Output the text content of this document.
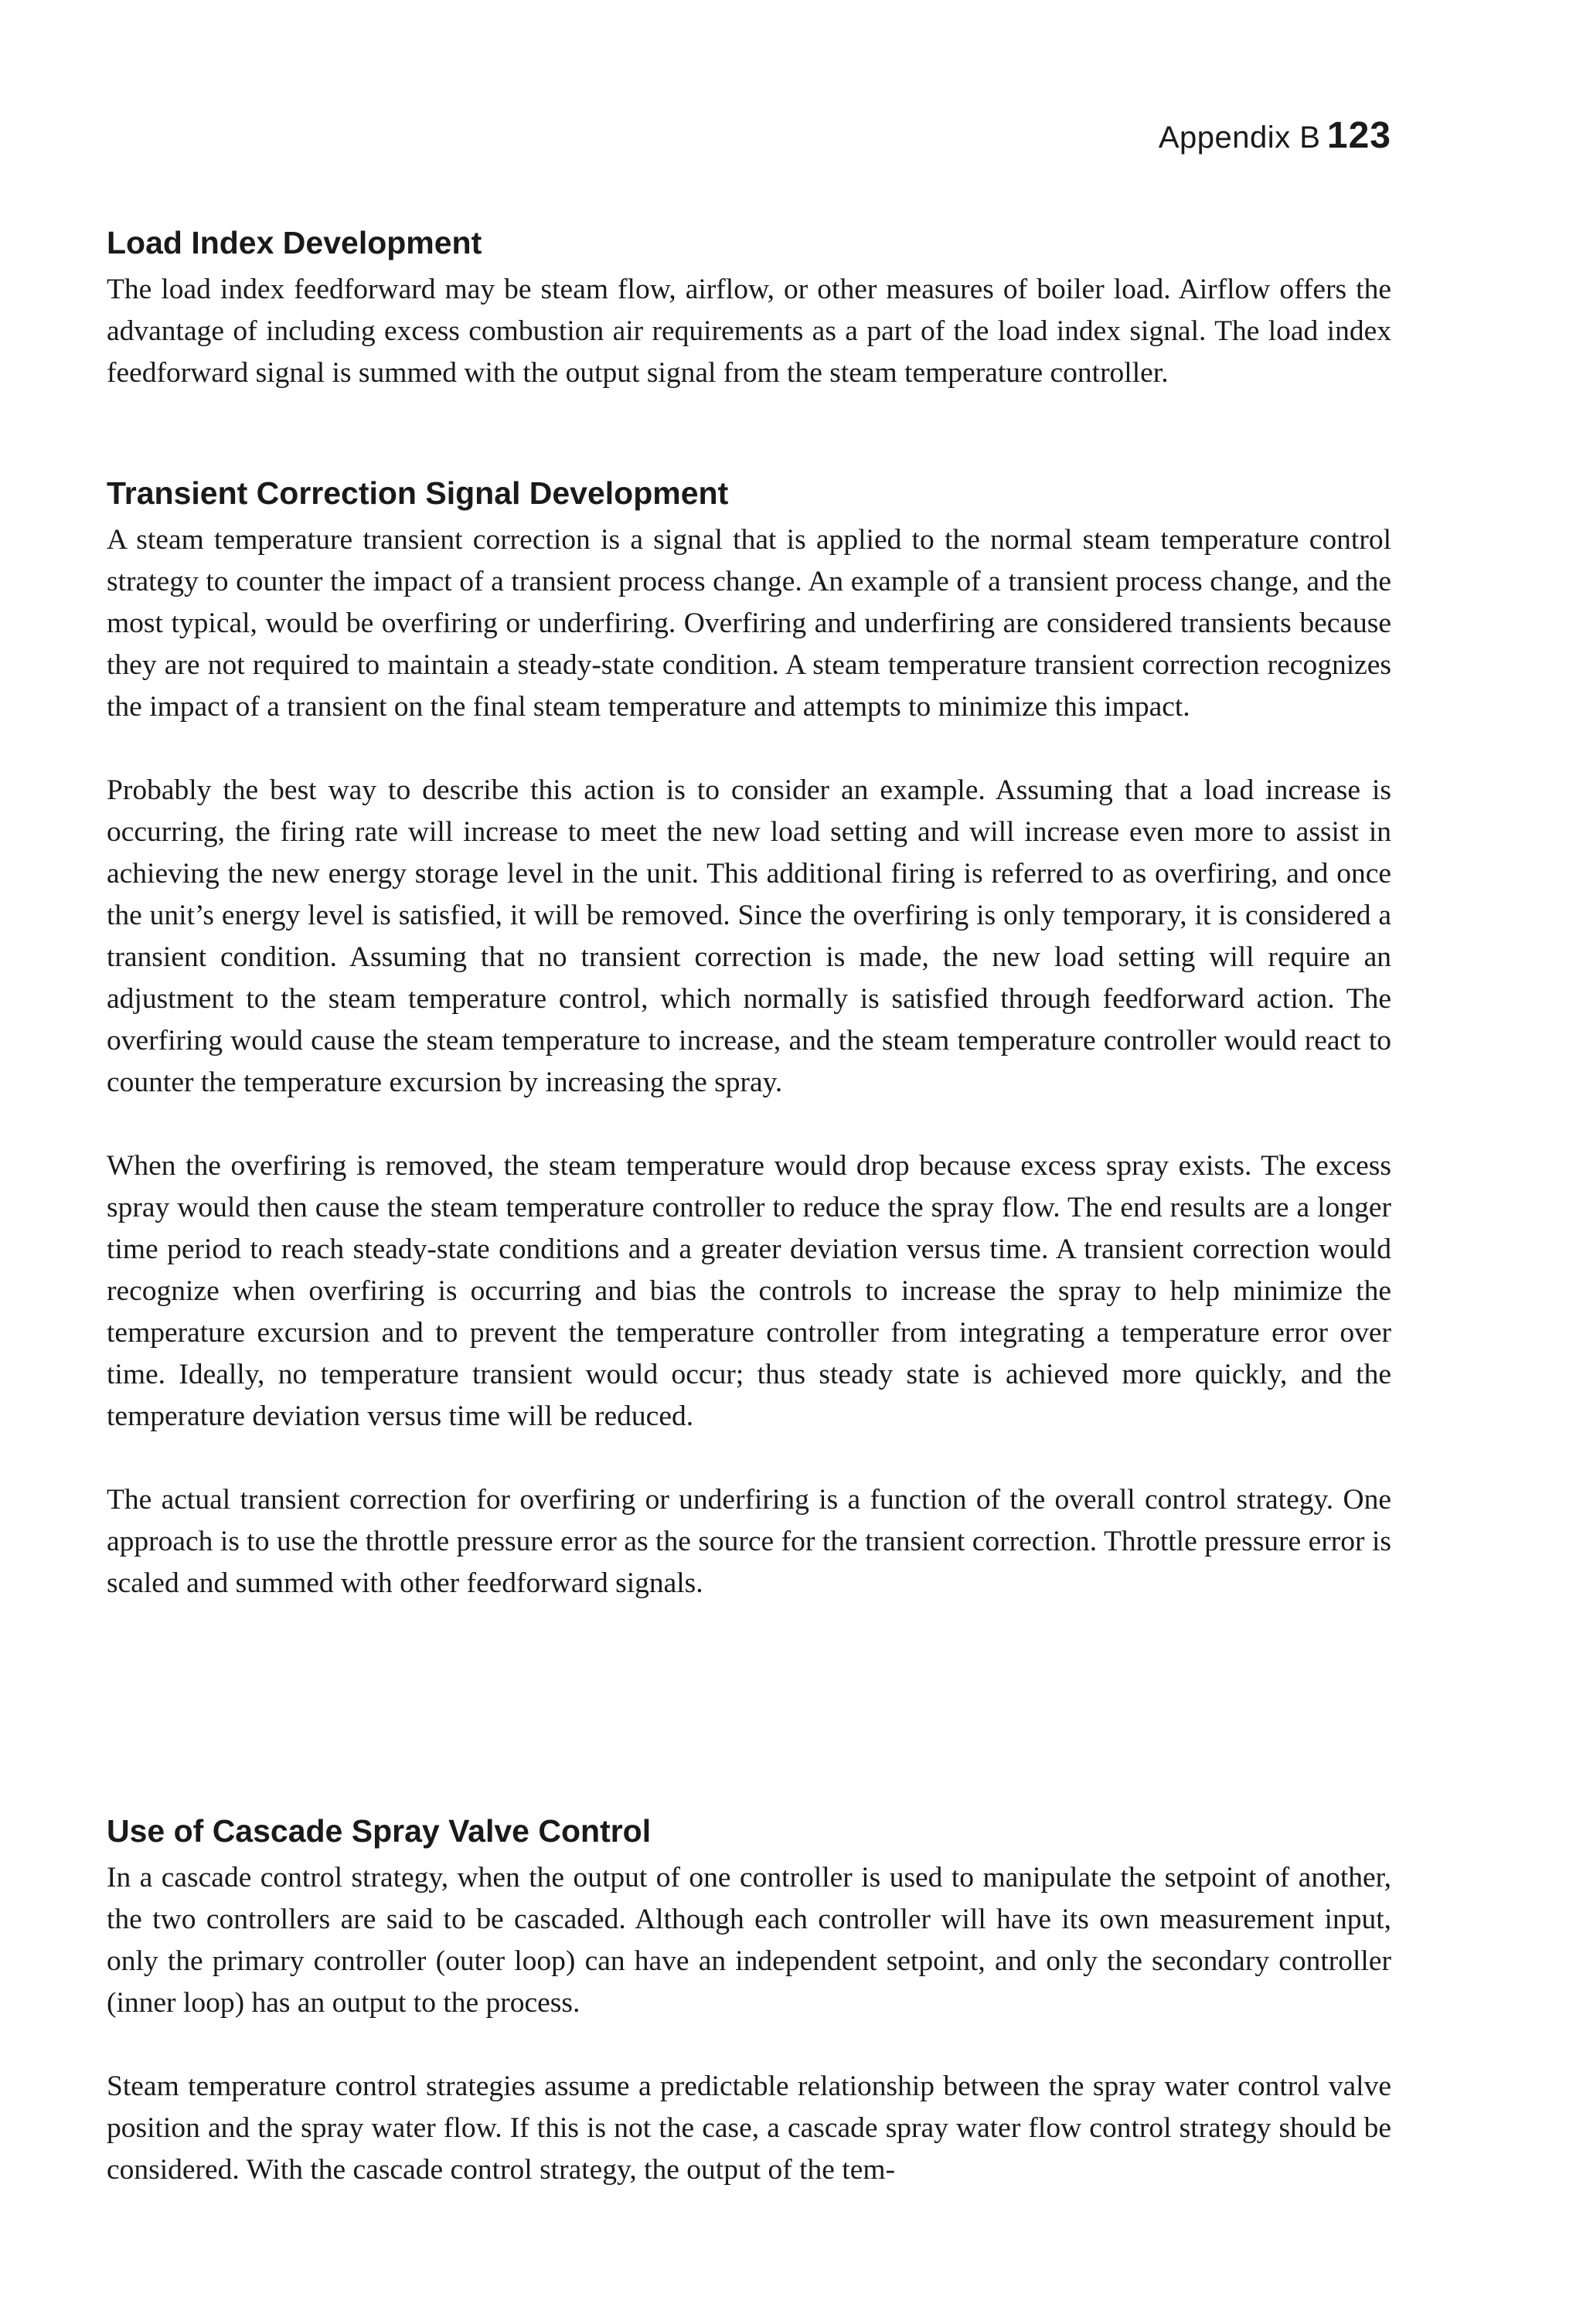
Appendix B 123
Load Index Development

The load index feedforward may be steam flow, airflow, or other measures of boiler load. Airflow offers the advantage of including excess combustion air requirements as a part of the load index signal. The load index feedforward signal is summed with the output signal from the steam temperature controller.

Transient Correction Signal Development

A steam temperature transient correction is a signal that is applied to the normal steam temperature control strategy to counter the impact of a transient process change. An example of a transient process change, and the most typical, would be overfiring or underfiring. Overfiring and underfiring are considered transients because they are not required to maintain a steady-state condition. A steam temperature transient correction recognizes the impact of a transient on the final steam temperature and attempts to minimize this impact.

Probably the best way to describe this action is to consider an example. Assuming that a load increase is occurring, the firing rate will increase to meet the new load setting and will increase even more to assist in achieving the new energy storage level in the unit. This additional firing is referred to as overfiring, and once the unit’s energy level is satisfied, it will be removed. Since the overfiring is only temporary, it is considered a transient condition. Assuming that no transient correction is made, the new load setting will require an adjustment to the steam temperature control, which normally is satisfied through feedforward action. The overfiring would cause the steam temperature to increase, and the steam temperature controller would react to counter the temperature excursion by increasing the spray.

When the overfiring is removed, the steam temperature would drop because excess spray exists. The excess spray would then cause the steam temperature controller to reduce the spray flow. The end results are a longer time period to reach steady-state conditions and a greater deviation versus time. A transient correction would recognize when overfiring is occurring and bias the controls to increase the spray to help minimize the temperature excursion and to prevent the temperature controller from integrating a temperature error over time. Ideally, no temperature transient would occur; thus steady state is achieved more quickly, and the temperature deviation versus time will be reduced.

The actual transient correction for overfiring or underfiring is a function of the overall control strategy. One approach is to use the throttle pressure error as the source for the transient correction. Throttle pressure error is scaled and summed with other feedforward signals.

Use of Cascade Spray Valve Control

In a cascade control strategy, when the output of one controller is used to manipulate the setpoint of another, the two controllers are said to be cascaded. Although each controller will have its own measurement input, only the primary controller (outer loop) can have an independent setpoint, and only the secondary controller (inner loop) has an output to the process.

Steam temperature control strategies assume a predictable relationship between the spray water control valve position and the spray water flow. If this is not the case, a cascade spray water flow control strategy should be considered. With the cascade control strategy, the output of the tem-
